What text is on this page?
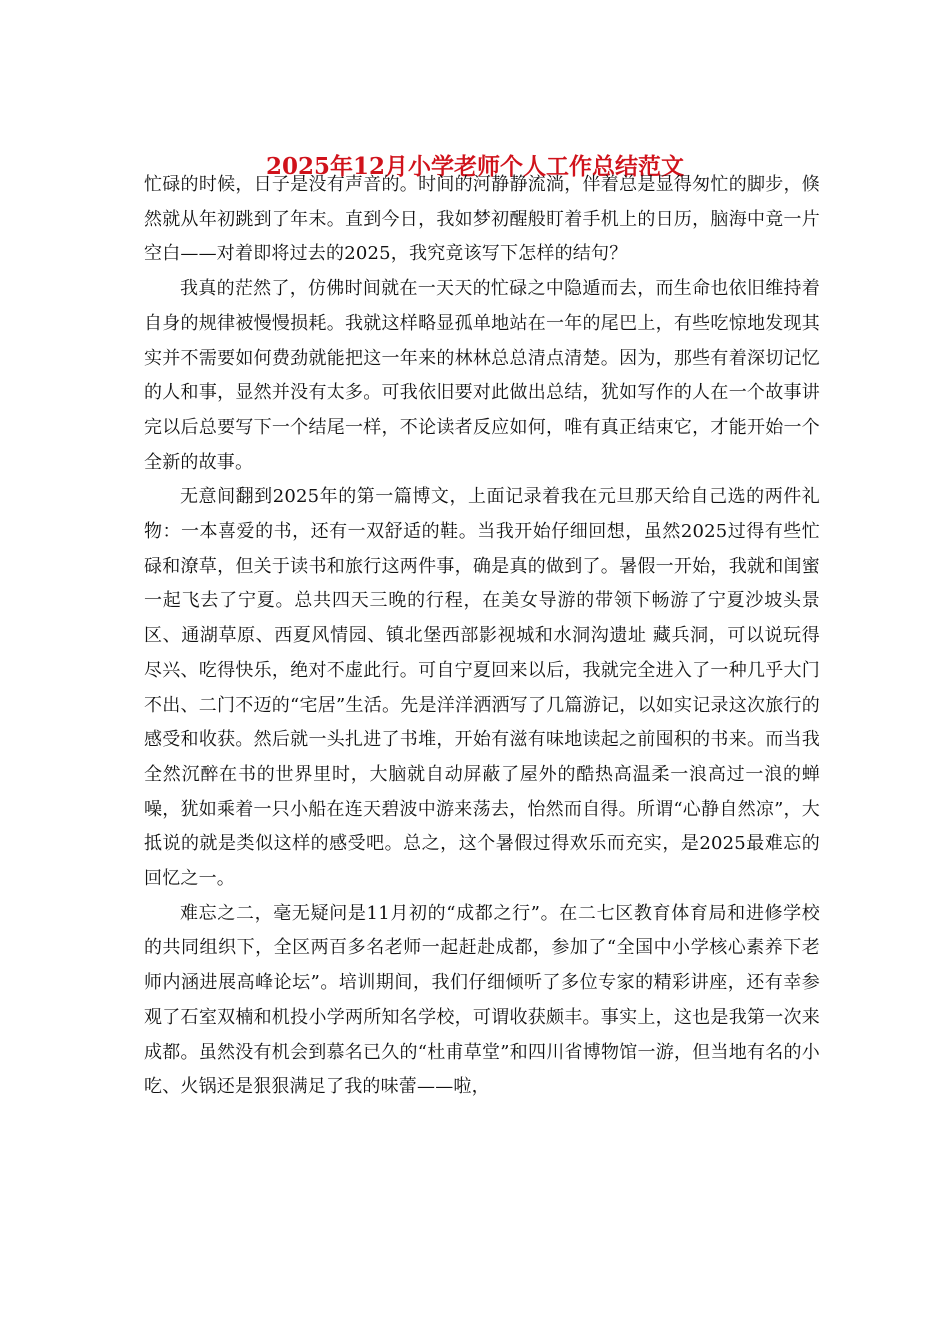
2025年12月小学老师个人工作总结范文

忙碌的时候，日子是没有声音的。时间的河静静流淌，伴着总是显得匆忙的脚步，倏然就从年初跳到了年末。直到今日，我如梦初醒般盯着手机上的日历，脑海中竟一片空白——对着即将过去的2025，我究竟该写下怎样的结句？

我真的茫然了，仿佛时间就在一天天的忙碌之中隐遁而去，而生命也依旧维持着自身的规律被慢慢损耗。我就这样略显孤单地站在一年的尾巴上，有些吃惊地发现其实并不需要如何费劲就能把这一年来的林林总总清点清楚。因为，那些有着深切记忆的人和事，显然并没有太多。可我依旧要对此做出总结，犹如写作的人在一个故事讲完以后总要写下一个结尾一样，不论读者反应如何，唯有真正结束它，才能开始一个全新的故事。

无意间翻到2025年的第一篇博文，上面记录着我在元旦那天给自己选的两件礼物：一本喜爱的书，还有一双舒适的鞋。当我开始仔细回想，虽然2025过得有些忙碌和潦草，但关于读书和旅行这两件事，确是真的做到了。暑假一开始，我就和闺蜜一起飞去了宁夏。总共四天三晚的行程，在美女导游的带领下畅游了宁夏沙坡头景区、通湖草原、西夏风情园、镇北堡西部影视城和水洞沟遗址 藏兵洞，可以说玩得尽兴、吃得快乐，绝对不虚此行。可自宁夏回来以后，我就完全进入了一种几乎大门不出、二门不迈的“宅居”生活。先是洋洋洒洒写了几篇游记，以如实记录这次旅行的感受和收获。然后就一头扎进了书堆，开始有滋有味地读起之前囤积的书来。而当我全然沉醉在书的世界里时，大脑就自动屏蔽了屋外的酷热高温柔一浪高过一浪的蝉噪，犹如乘着一只小船在连天碧波中游来荡去，怡然而自得。所谓“心静自然凉”，大抵说的就是类似这样的感受吧。总之，这个暑假过得欢乐而充实，是2025最难忘的回忆之一。

难忘之二，毫无疑问是11月初的“成都之行”。在二七区教育体育局和进修学校的共同组织下，全区两百多名老师一起赶赴成都，参加了“全国中小学核心素养下老师内涵进展高峰论坛”。培训期间，我们仔细倾听了多位专家的精彩讲座，还有幸参观了石室双楠和机投小学两所知名学校，可谓收获颇丰。事实上，这也是我第一次来成都。虽然没有机会到慕名已久的“杜甫草堂”和四川省博物馆一游，但当地有名的小吃、火锅还是狠狠满足了我的味蕾——啦，
